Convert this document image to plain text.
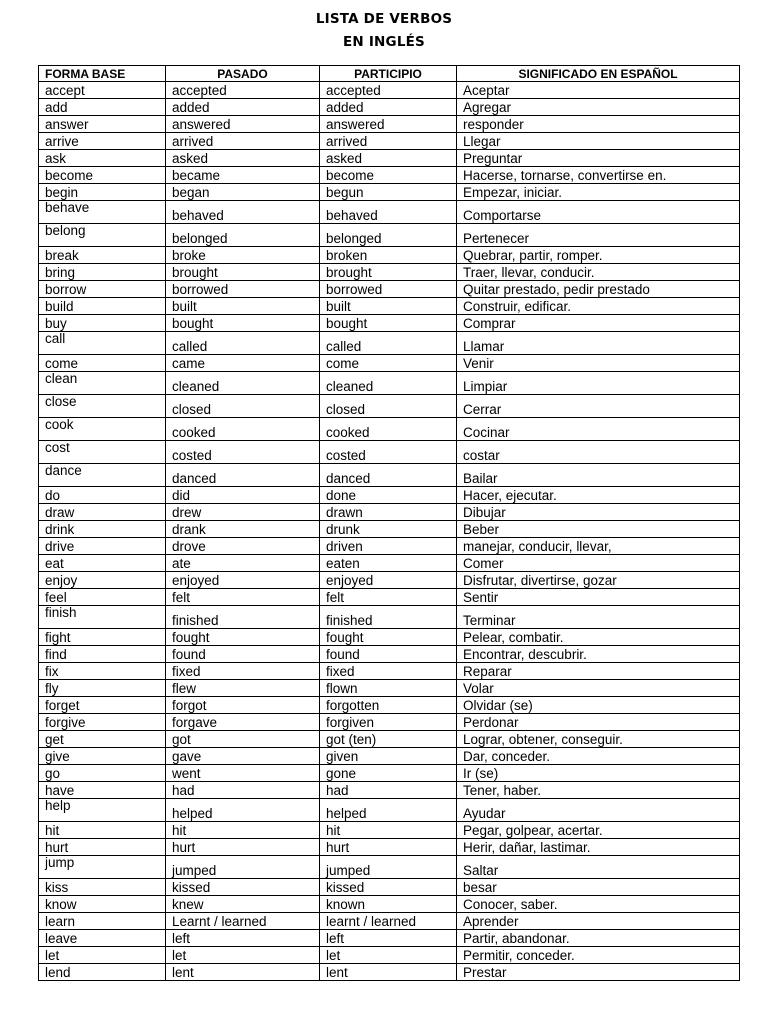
LISTA DE VERBOS
EN INGLÉS
FORMA BASE	PASADO	PARTICIPIO	SIGNIFICADO EN ESPAÑOL
accept	accepted	accepted	Aceptar
add	added	added	Agregar
answer	answered	answered	responder
arrive	arrived	arrived	Llegar
ask	asked	asked	Preguntar
become	became	become	Hacerse, tornarse, convertirse en.
begin	began	begun	Empezar, iniciar.
behave	behaved	behaved	Comportarse
belong	belonged	belonged	Pertenecer
break	broke	broken	Quebrar, partir, romper.
bring	brought	brought	Traer, llevar, conducir.
borrow	borrowed	borrowed	Quitar prestado, pedir prestado
build	built	built	Construir, edificar.
buy	bought	bought	Comprar
call	called	called	Llamar
come	came	come	Venir
clean	cleaned	cleaned	Limpiar
close	closed	closed	Cerrar
cook	cooked	cooked	Cocinar
cost	costed	costed	costar
dance	danced	danced	Bailar
do	did	done	Hacer, ejecutar.
draw	drew	drawn	Dibujar
drink	drank	drunk	Beber
drive	drove	driven	manejar, conducir, llevar,
eat	ate	eaten	Comer
enjoy	enjoyed	enjoyed	Disfrutar, divertirse, gozar
feel	felt	felt	Sentir
finish	finished	finished	Terminar
fight	fought	fought	Pelear, combatir.
find	found	found	Encontrar, descubrir.
fix	fixed	fixed	Reparar
fly	flew	flown	Volar
forget	forgot	forgotten	Olvidar (se)
forgive	forgave	forgiven	Perdonar
get	got	got (ten)	Lograr, obtener, conseguir.
give	gave	given	Dar, conceder.
go	went	gone	Ir (se)
have	had	had	Tener, haber.
help	helped	helped	Ayudar
hit	hit	hit	Pegar, golpear, acertar.
hurt	hurt	hurt	Herir, dañar, lastimar.
jump	jumped	jumped	Saltar
kiss	kissed	kissed	besar
know	knew	known	Conocer, saber.
learn	Learnt / learned	learnt / learned	Aprender
leave	left	left	Partir, abandonar.
let	let	let	Permitir, conceder.
lend	lent	lent	Prestar
